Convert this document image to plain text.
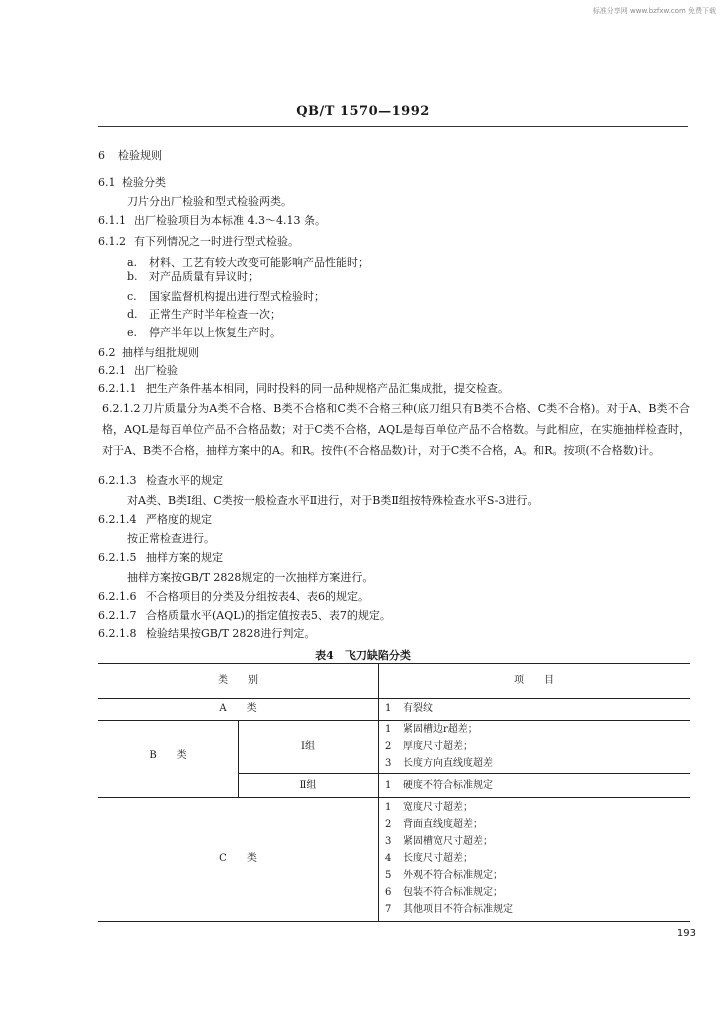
标准分享网 www.bzfxw.com 免费下载
QB/T 1570—1992
6 检验规则
6.1 检验分类
刀片分出厂检验和型式检验两类。
6.1.1 出厂检验项目为本标准 4.3～4.13 条。
6.1.2 有下列情况之一时进行型式检验。
a. 材料、工艺有较大改变可能影响产品性能时；
b. 对产品质量有异议时；
c. 国家监督机构提出进行型式检验时；
d. 正常生产时半年检查一次；
e. 停产半年以上恢复生产时。
6.2 抽样与组批规则
6.2.1 出厂检验
6.2.1.1 把生产条件基本相同，同时投料的同一品种规格产品汇集成批，提交检查。
6.2.1.2 刀片质量分为A类不合格、B类不合格和C类不合格三种(底刀组只有B类不合格、C类不合格)。对于A、B类不合格，AQL是每百单位产品不合格品数；对于C类不合格，AQL是每百单位产品不合格数。与此相应，在实施抽样检查时，对于A、B类不合格，抽样方案中的A。和R。按件(不合格品数)计，对于C类不合格，A。和R。按项(不合格数)计。
6.2.1.3 检查水平的规定
对A类、B类Ⅰ组、C类按一般检查水平Ⅱ进行，对于B类Ⅱ组按特殊检查水平S-3进行。
6.2.1.4 严格度的规定
按正常检查进行。
6.2.1.5 抽样方案的规定
抽样方案按GB/T 2828规定的一次抽样方案进行。
6.2.1.6 不合格项目的分类及分组按表4、表6的规定。
6.2.1.7 合格质量水平(AQL)的指定值按表5、表7的规定。
6.2.1.8 检验结果按GB/T 2828进行判定。
表4　飞刀缺陷分类
类　　别	项　　目
A　　类
B　　类
Ⅰ组
Ⅱ组
C　　类
1 有裂纹
1 紧固槽边r超差；
2 厚度尺寸超差；
3 长度方向直线度超差
1 硬度不符合标准规定
1 宽度尺寸超差；
2 背面直线度超差；
3 紧固槽宽尺寸超差；
4 长度尺寸超差；
5 外观不符合标准规定；
6 包装不符合标准规定；
7 其他项目不符合标准规定
193
